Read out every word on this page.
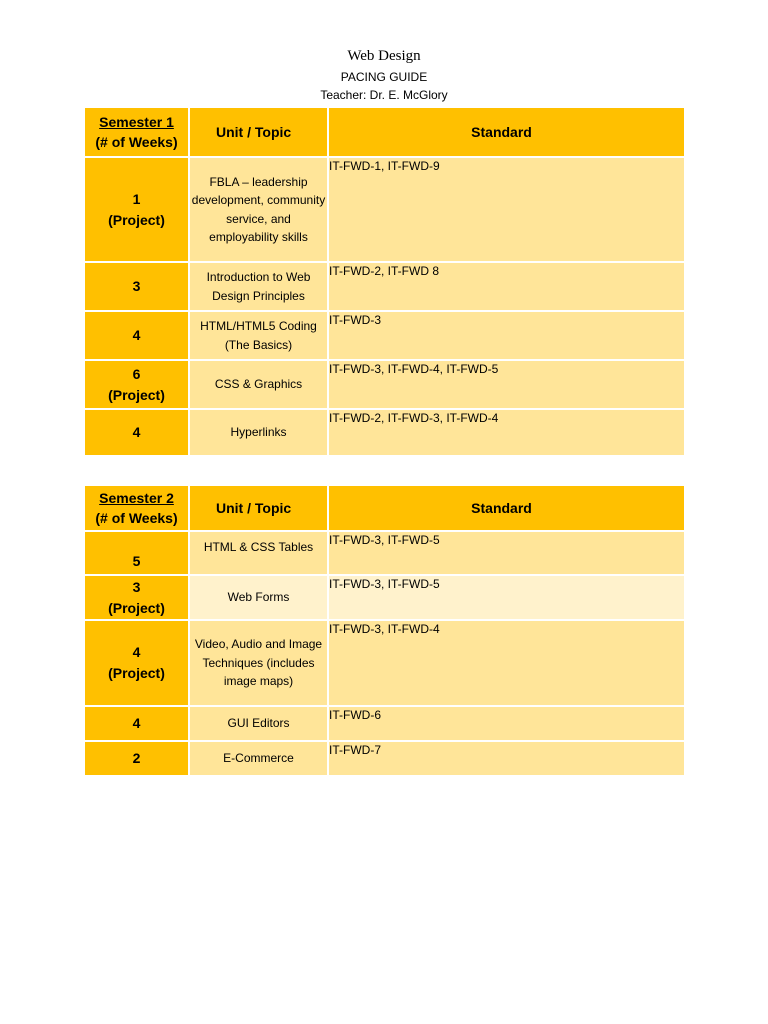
Web Design
PACING GUIDE
Teacher: Dr. E. McGlory
Semester 1
(# of Weeks)	Unit / Topic	Standard

1
(Project)	FBLA – leadership development, community service, and employability skills	IT-FWD-1, IT-FWD-9

3	Introduction to Web Design Principles	IT-FWD-2, IT-FWD 8

4	HTML/HTML5 Coding (The Basics)	IT-FWD-3

6
(Project)	CSS & Graphics	IT-FWD-3, IT-FWD-4, IT-FWD-5

4	Hyperlinks	IT-FWD-2, IT-FWD-3, IT-FWD-4
Semester 2
(# of Weeks)	Unit / Topic	Standard

5	HTML & CSS Tables	IT-FWD-3, IT-FWD-5

3
(Project)	Web Forms	IT-FWD-3, IT-FWD-5

4
(Project)	Video, Audio and Image Techniques (includes image maps)	IT-FWD-3, IT-FWD-4

4	GUI Editors	IT-FWD-6

2	E-Commerce	IT-FWD-7
